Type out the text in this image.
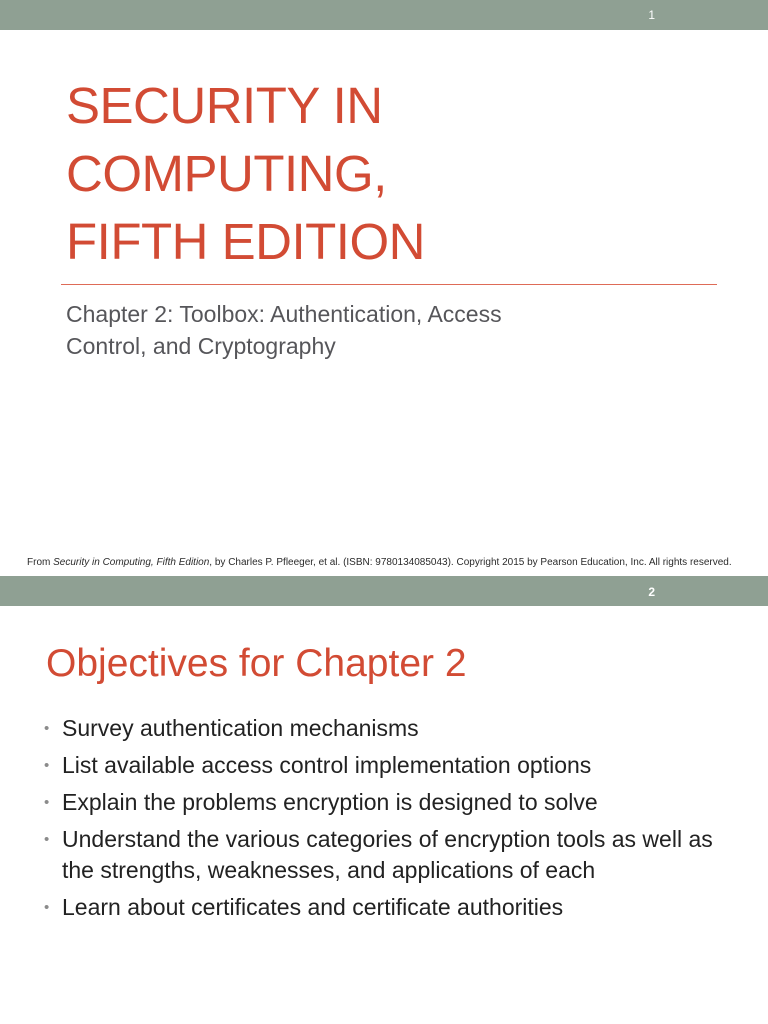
1
SECURITY IN
COMPUTING,
FIFTH EDITION
Chapter 2: Toolbox: Authentication, Access
Control, and Cryptography
From Security in Computing, Fifth Edition, by Charles P. Pfleeger, et al. (ISBN: 9780134085043). Copyright 2015 by Pearson Education, Inc. All rights reserved.
2
Objectives for Chapter 2
• Survey authentication mechanisms
• List available access control implementation options
• Explain the problems encryption is designed to solve
• Understand the various categories of encryption tools as well as the strengths, weaknesses, and applications of each
• Learn about certificates and certificate authorities
